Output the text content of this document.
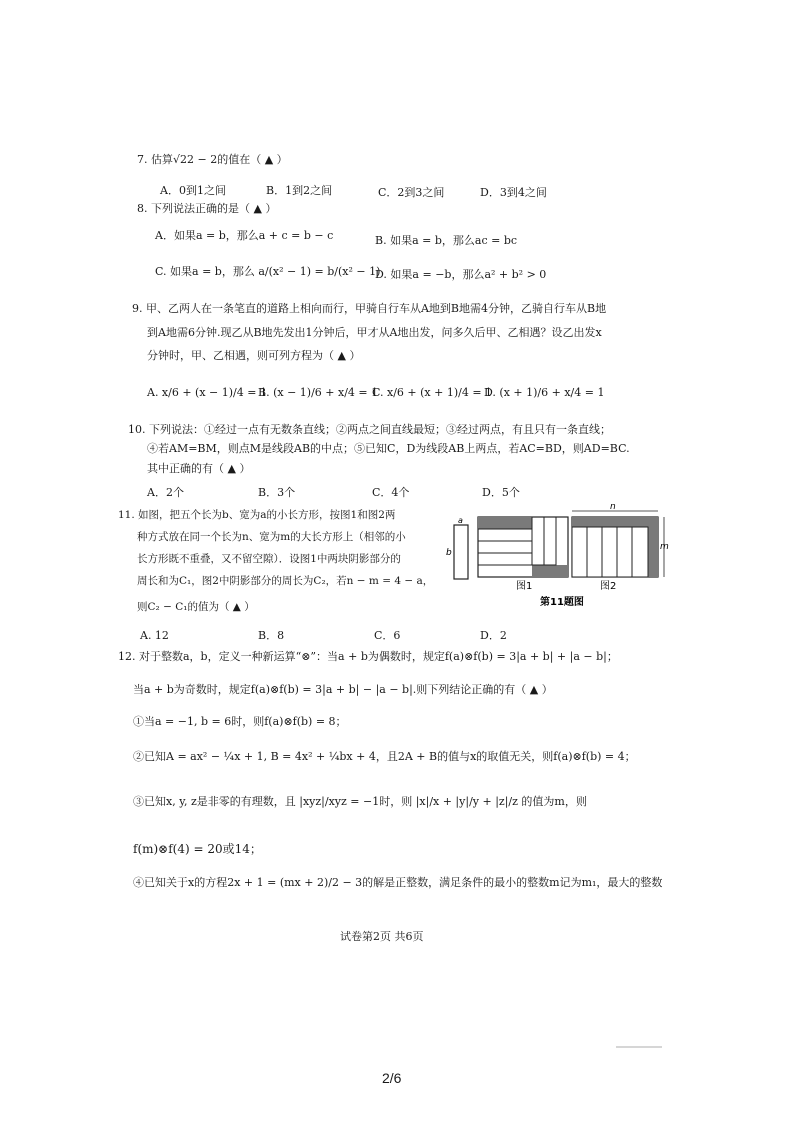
7. 估算√22 − 2的值在（ ▲ ）
A．0到1之间	B．1到2之间	C．2到3之间	D．3到4之间
8. 下列说法正确的是（ ▲ ）
A．如果a = b，那么a + c = b − c	B. 如果a = b，那么ac = bc
C. 如果a = b，那么 a/(x² − 1) = b/(x² − 1)
D. 如果a = −b，那么a² + b² > 0
9. 甲、乙两人在一条笔直的道路上相向而行，甲骑自行车从A地到B地需4分钟，乙骑自行车从B地
到A地需6分钟.现乙从B地先发出1分钟后，甲才从A地出发，问多久后甲、乙相遇？设乙出发x
分钟时，甲、乙相遇，则可列方程为（ ▲ ）
A. x/6 + (x − 1)/4 = 1
B. (x − 1)/6 + x/4 = 1
C. x/6 + (x + 1)/4 = 1
D. (x + 1)/6 + x/4 = 1
10. 下列说法：①经过一点有无数条直线；②两点之间直线最短；③经过两点，有且只有一条直线；
④若AM=BM，则点M是线段AB的中点；⑤已知C，D为线段AB上两点，若AC=BD，则AD=BC.
其中正确的有（ ▲ ）
A．2个	B．3个	C．4个	D．5个
11. 如图，把五个长为b、宽为a的小长方形，按图1和图2两
种方式放在同一个长为n、宽为m的大长方形上（相邻的小
长方形既不重叠，又不留空隙）．设图1中两块阴影部分的
周长和为C₁，图2中阴影部分的周长为C₂，若n − m = 4 − a，
则C₂ − C₁的值为（ ▲ ）
A. 12	B．8	C．6	D．2
a
b
图1
n
m
图2
第11题图
12. 对于整数a，b，定义一种新运算“⊗”：当a + b为偶数时，规定f(a)⊗f(b) = 3|a + b| + |a − b|；
当a + b为奇数时，规定f(a)⊗f(b) = 3|a + b| − |a − b|.则下列结论正确的有（ ▲ ）
①当a = −1, b = 6时，则f(a)⊗f(b) = 8；
②已知A = ax² − ¼x + 1, B = 4x² + ¼bx + 4，且2A + B的值与x的取值无关，则f(a)⊗f(b) = 4；
③已知x, y, z是非零的有理数，且 |xyz|/xyz = −1时，则 |x|/x + |y|/y + |z|/z 的值为m，则
f(m)⊗f(4) = 20或14；
④已知关于x的方程2x + 1 = (mx + 2)/2 − 3的解是正整数，满足条件的最小的整数m记为m₁，最大的整数
试卷第2页 共6页
2/6
